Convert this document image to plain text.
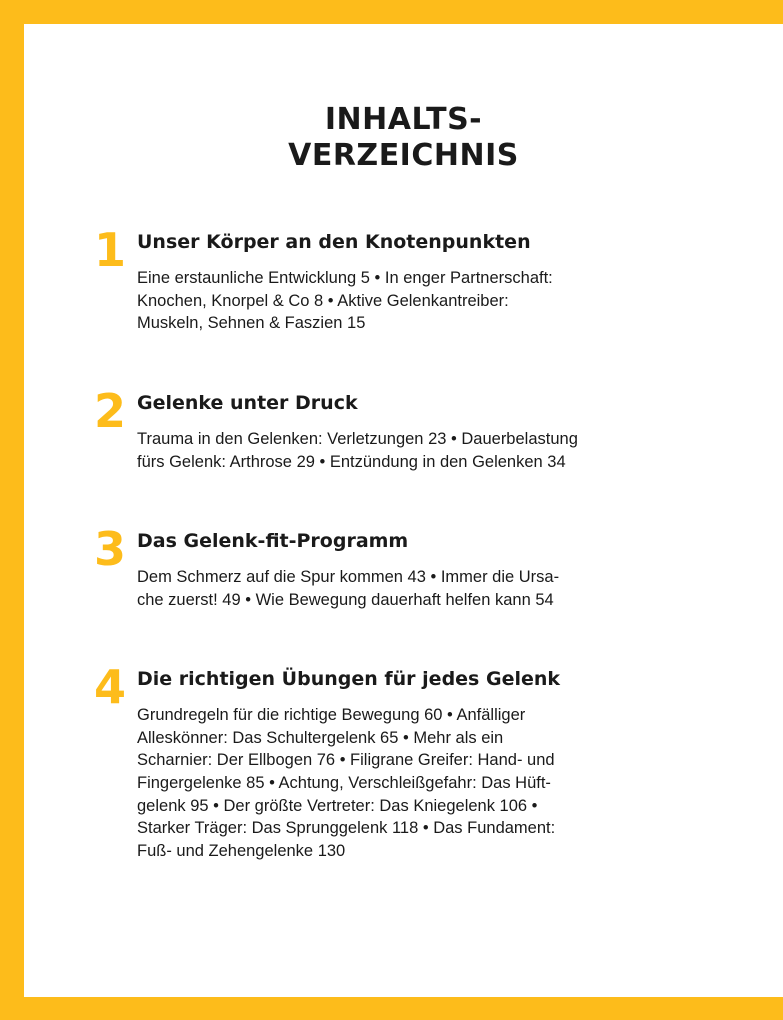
INHALTS-
VERZEICHNIS
1 Unser Körper an den Knotenpunkten
Eine erstaunliche Entwicklung 5 • In enger Partnerschaft:
Knochen, Knorpel & Co 8 • Aktive Gelenkantreiber:
Muskeln, Sehnen & Faszien 15
2 Gelenke unter Druck
Trauma in den Gelenken: Verletzungen 23 • Dauerbelastung
fürs Gelenk: Arthrose 29 • Entzündung in den Gelenken 34
3 Das Gelenk-fit-Programm
Dem Schmerz auf die Spur kommen 43 • Immer die Ursa-
che zuerst! 49 • Wie Bewegung dauerhaft helfen kann 54
4 Die richtigen Übungen für jedes Gelenk
Grundregeln für die richtige Bewegung 60 • Anfälliger
Alleskönner: Das Schultergelenk 65 • Mehr als ein
Scharnier: Der Ellbogen 76 • Filigrane Greifer: Hand- und
Fingergelenke 85 • Achtung, Verschleißgefahr: Das Hüft-
gelenk 95 • Der größte Vertreter: Das Kniegelenk 106 •
Starker Träger: Das Sprunggelenk 118 • Das Fundament:
Fuß- und Zehengelenke 130
